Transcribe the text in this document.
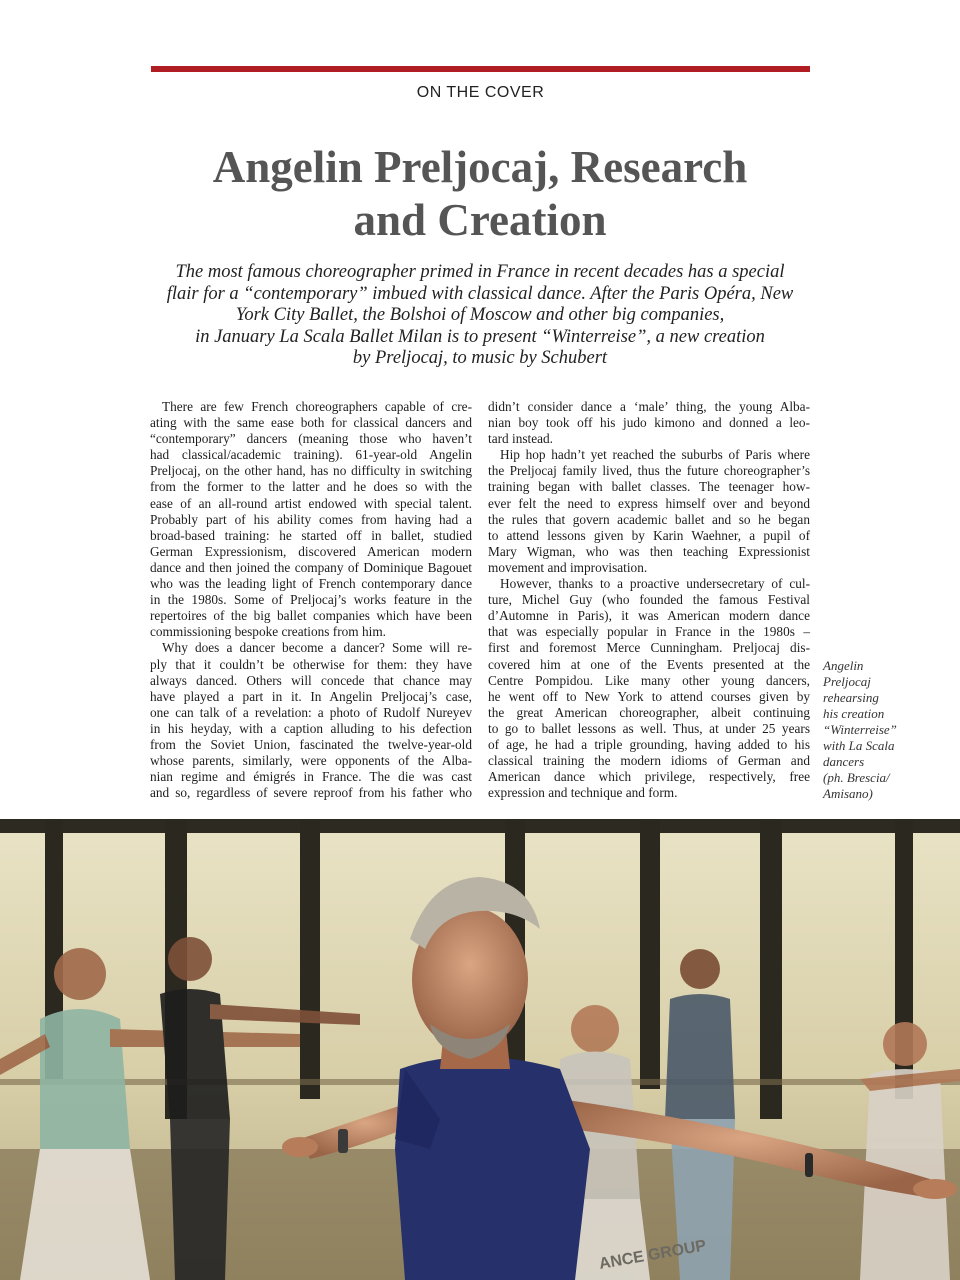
ON THE COVER
Angelin Preljocaj, Research
and Creation
The most famous choreographer primed in France in recent decades has a special
flair for a “contemporary” imbued with classical dance. After the Paris Opéra, New
York City Ballet, the Bolshoi of Moscow and other big companies,
in January La Scala Ballet Milan is to present “Winterreise”, a new creation
by Preljocaj, to music by Schubert
There are few French choreographers capable of cre-
ating with the same ease both for classical dancers and
“contemporary” dancers (meaning those who haven’t
had classical/academic training). 61-year-old Angelin
Preljocaj, on the other hand, has no difficulty in switching
from the former to the latter and he does so with the
ease of an all-round artist endowed with special talent.
Probably part of his ability comes from having had a
broad-based training: he started off in ballet, studied
German Expressionism, discovered American modern
dance and then joined the company of Dominique Bagouet
who was the leading light of French contemporary dance
in the 1980s. Some of Preljocaj’s works feature in the
repertoires of the big ballet companies which have been
commissioning bespoke creations from him.
Why does a dancer become a dancer? Some will re-
ply that it couldn’t be otherwise for them: they have
always danced. Others will concede that chance may
have played a part in it. In Angelin Preljocaj’s case,
one can talk of a revelation: a photo of Rudolf Nureyev
in his heyday, with a caption alluding to his defection
from the Soviet Union, fascinated the twelve-year-old
whose parents, similarly, were opponents of the Alba-
nian regime and émigrés in France. The die was cast
and so, regardless of severe reproof from his father who
didn’t consider dance a ‘male’ thing, the young Alba-
nian boy took off his judo kimono and donned a leo-
tard instead.
Hip hop hadn’t yet reached the suburbs of Paris where
the Preljocaj family lived, thus the future choreographer’s
training began with ballet classes. The teenager how-
ever felt the need to express himself over and beyond
the rules that govern academic ballet and so he began
to attend lessons given by Karin Waehner, a pupil of
Mary Wigman, who was then teaching Expressionist
movement and improvisation.
However, thanks to a proactive undersecretary of cul-
ture, Michel Guy (who founded the famous Festival
d’Automne in Paris), it was American modern dance
that was especially popular in France in the 1980s –
first and foremost Merce Cunningham. Preljocaj dis-
covered him at one of the Events presented at the
Centre Pompidou. Like many other young dancers,
he went off to New York to attend courses given by
the great American choreographer, albeit continuing
to go to ballet lessons as well. Thus, at under 25 years
of age, he had a triple grounding, having added to his
classical training the modern idioms of German and
American dance which privilege, respectively, free
expression and technique and form.
Angelin
Preljocaj
rehearsing
his creation
“Winterreise”
with La Scala
dancers
(ph. Brescia/
Amisano)
ANCE GROUP
